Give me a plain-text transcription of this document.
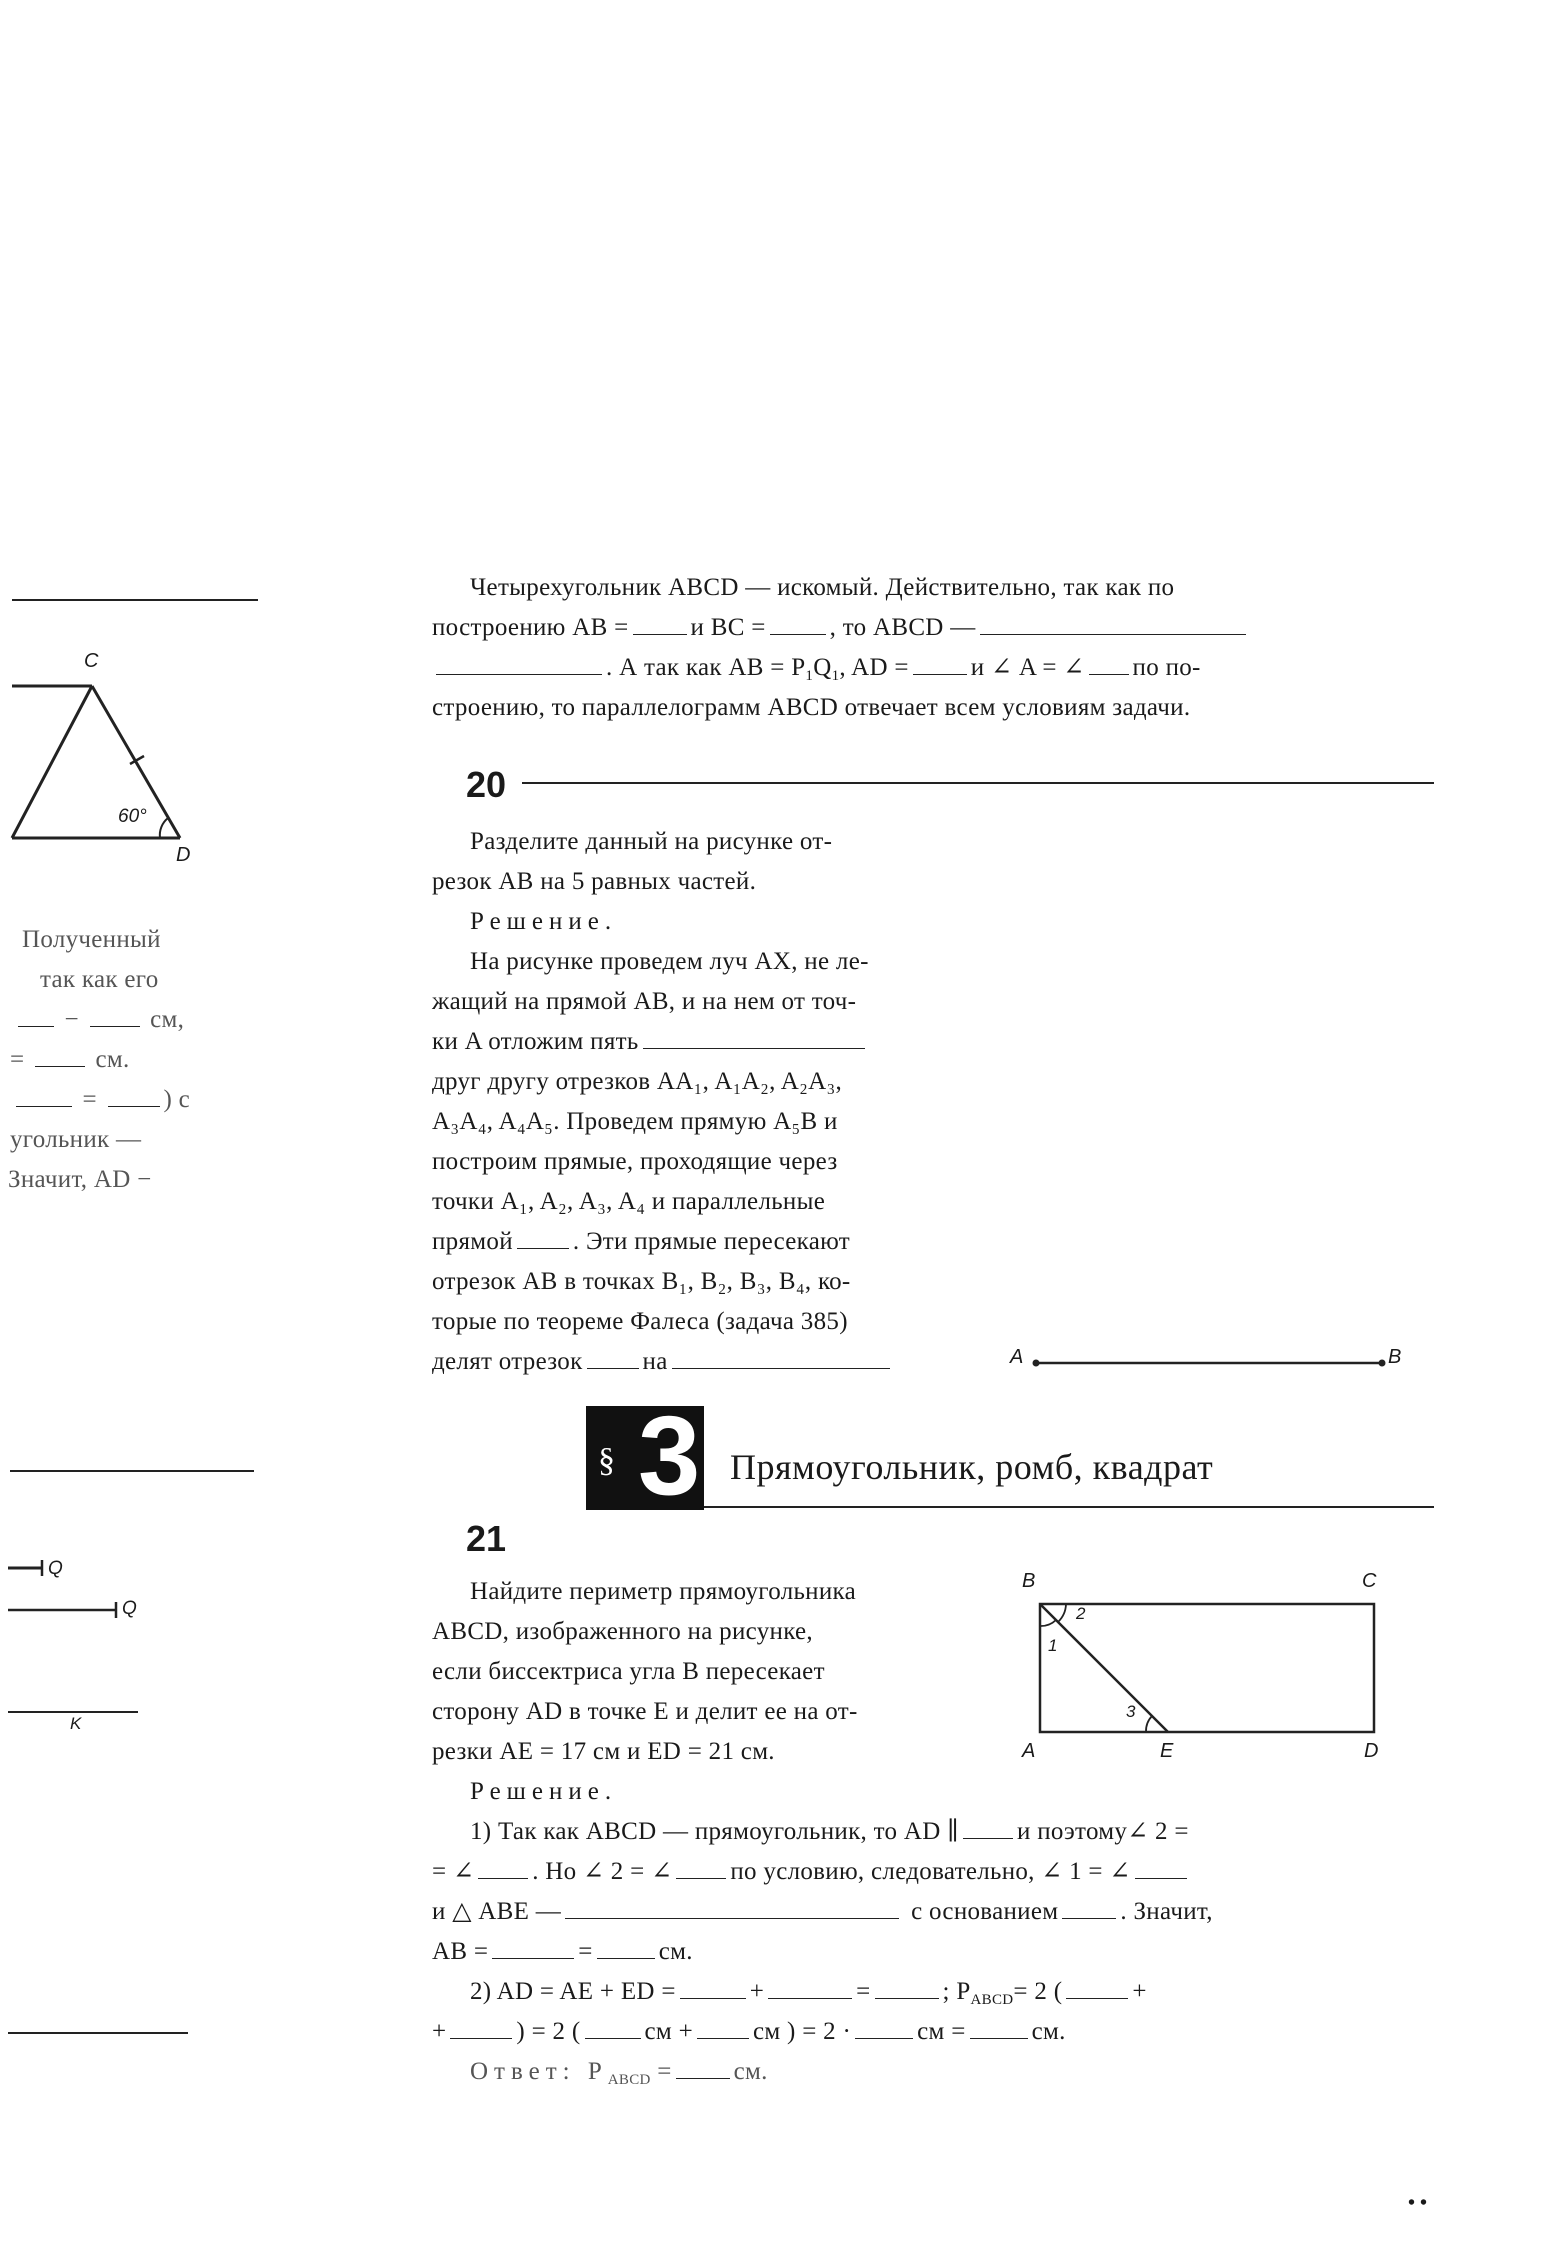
C
D
60°
Полученный
так как его
−	см,
=	см.
= ) с
угольник —
Значит, AD −
Q
Q
K
Четырехугольник ABCD — искомый. Действительно, так как по
построению AB = и BC =	, то ABCD —
. А так как AB = $P_1Q_1$, AD = и ∠ A = ∠ по по-
строению, то параллелограмм ABCD отвечает всем условиям задачи.
20
Разделите данный на рисунке от-
резок AB на 5 равных частей.
Решение.
На рисунке проведем луч AX, не ле-
жащий на прямой AB, и на нем от точ-
ки A отложим пять
друг другу отрезков AA₁, A₁A₂, A₂A₃,
A₃A₄, A₄A₅. Проведем прямую A₅B и
построим прямые, проходящие через
точки A₁, A₂, A₃, A₄ и параллельные
прямой . Эти прямые пересекают
отрезок AB в точках B₁, B₂, B₃, B₄, ко-
торые по теореме Фалеса (задача 385)
делят отрезок на	A	B
§ 3 Прямоугольник, ромб, квадрат
21
Найдите периметр прямоугольника
ABCD, изображенного на рисунке,
если биссектриса угла B пересекает
сторону AD в точке E и делит ее на от-
резки AE = 17 см и ED = 21 см.
B	C
A	E	D
1
2
3
Решение.
1) Так как ABCD — прямоугольник, то AD ∥ и поэтому∠ 2 =
= ∠ . Но ∠ 2 = ∠ по условию, следовательно, ∠ 1 = ∠
и △ ABE —	с основанием . Значит,
AB =	=	см.
2) AD = AE + ED =	+	=	; $P_{ABCD}= 2$ (	+
+	) = 2 (	см + см ) = 2 ·	см =	см.
Ответ: $P_{ABCD}$ = см.
• •
